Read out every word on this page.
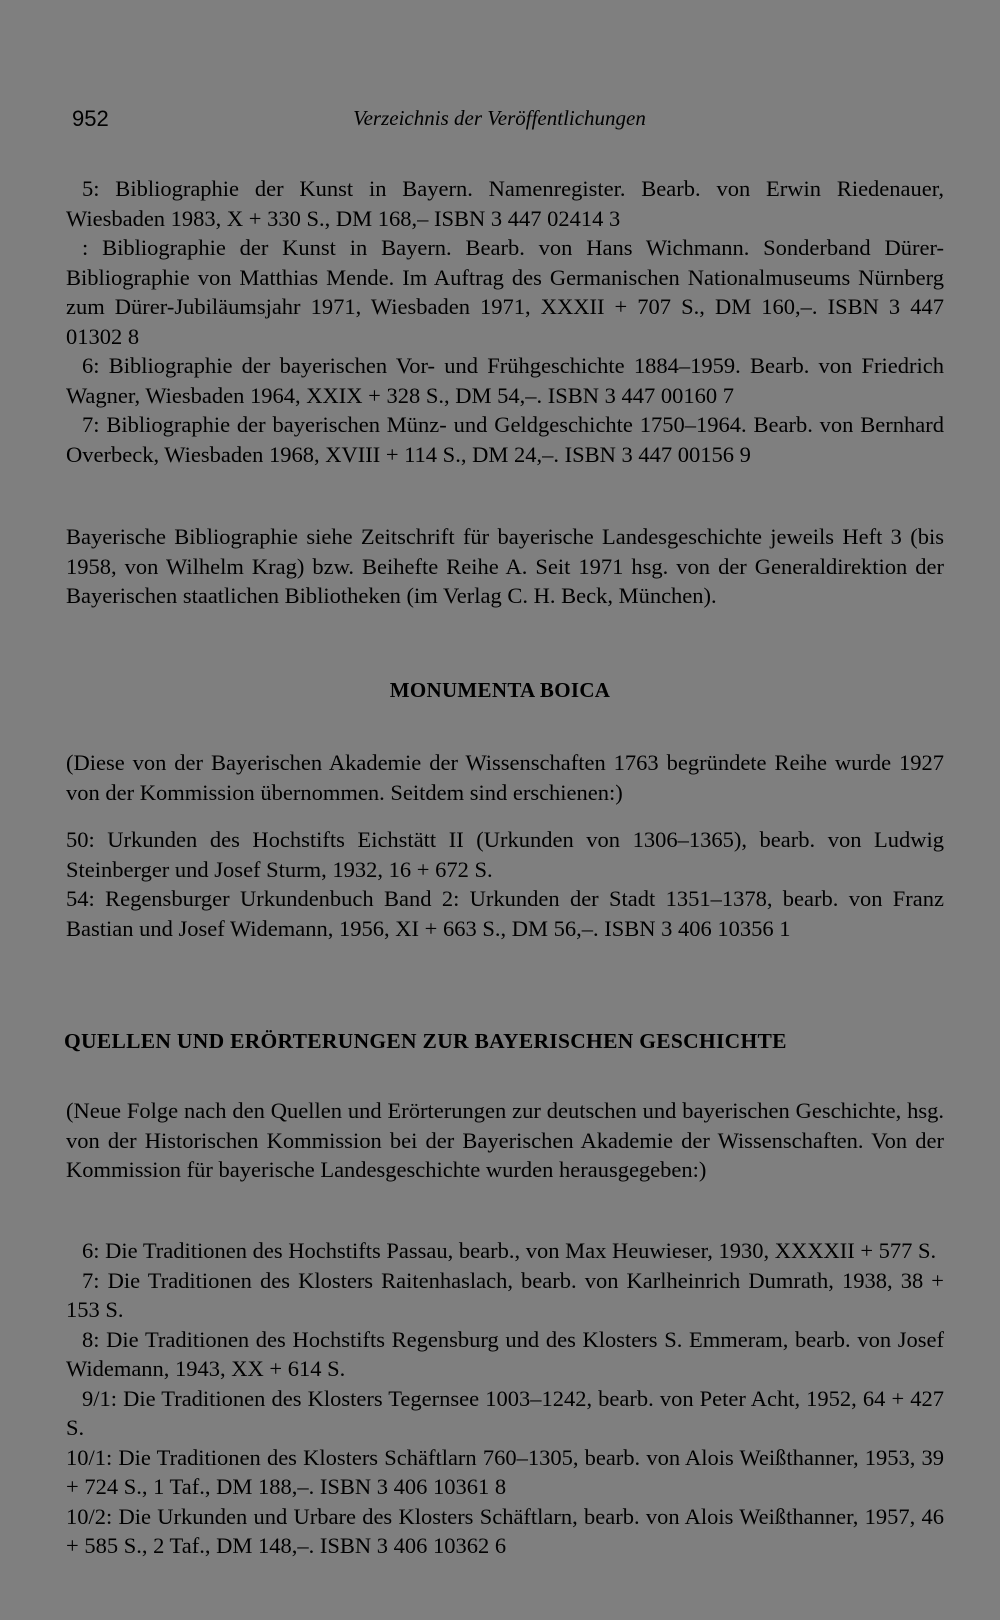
952	Verzeichnis der Veröffentlichungen

5: Bibliographie der Kunst in Bayern. Namenregister. Bearb. von Erwin Riedenauer, Wiesbaden 1983, X + 330 S., DM 168,– ISBN 3 447 02414 3

: Bibliographie der Kunst in Bayern. Bearb. von Hans Wichmann. Sonderband Dürer-Bibliographie von Matthias Mende. Im Auftrag des Germanischen Nationalmuseums Nürnberg zum Dürer-Jubiläumsjahr 1971, Wiesbaden 1971, XXXII + 707 S., DM 160,–. ISBN 3 447 01302 8

6: Bibliographie der bayerischen Vor- und Frühgeschichte 1884–1959. Bearb. von Friedrich Wagner, Wiesbaden 1964, XXIX + 328 S., DM 54,–. ISBN 3 447 00160 7

7: Bibliographie der bayerischen Münz- und Geldgeschichte 1750–1964. Bearb. von Bernhard Overbeck, Wiesbaden 1968, XVIII + 114 S., DM 24,–. ISBN 3 447 00156 9

Bayerische Bibliographie siehe Zeitschrift für bayerische Landesgeschichte jeweils Heft 3 (bis 1958, von Wilhelm Krag) bzw. Beihefte Reihe A. Seit 1971 hsg. von der Generaldirektion der Bayerischen staatlichen Bibliotheken (im Verlag C. H. Beck, München).

MONUMENTA BOICA

(Diese von der Bayerischen Akademie der Wissenschaften 1763 begründete Reihe wurde 1927 von der Kommission übernommen. Seitdem sind erschienen:)

50: Urkunden des Hochstifts Eichstätt II (Urkunden von 1306–1365), bearb. von Ludwig Steinberger und Josef Sturm, 1932, 16 + 672 S.

54: Regensburger Urkundenbuch Band 2: Urkunden der Stadt 1351–1378, bearb. von Franz Bastian und Josef Widemann, 1956, XI + 663 S., DM 56,–. ISBN 3 406 10356 1

QUELLEN UND ERÖRTERUNGEN ZUR BAYERISCHEN GESCHICHTE

(Neue Folge nach den Quellen und Erörterungen zur deutschen und bayerischen Geschichte, hsg. von der Historischen Kommission bei der Bayerischen Akademie der Wissenschaften. Von der Kommission für bayerische Landesgeschichte wurden herausgegeben:)

6: Die Traditionen des Hochstifts Passau, bearb., von Max Heuwieser, 1930, XXXXII + 577 S.

7: Die Traditionen des Klosters Raitenhaslach, bearb. von Karlheinrich Dumrath, 1938, 38 + 153 S.

8: Die Traditionen des Hochstifts Regensburg und des Klosters S. Emmeram, bearb. von Josef Widemann, 1943, XX + 614 S.

9/1: Die Traditionen des Klosters Tegernsee 1003–1242, bearb. von Peter Acht, 1952, 64 + 427 S.

10/1: Die Traditionen des Klosters Schäftlarn 760–1305, bearb. von Alois Weißthanner, 1953, 39 + 724 S., 1 Taf., DM 188,–. ISBN 3 406 10361 8

10/2: Die Urkunden und Urbare des Klosters Schäftlarn, bearb. von Alois Weißthanner, 1957, 46 + 585 S., 2 Taf., DM 148,–. ISBN 3 406 10362 6
